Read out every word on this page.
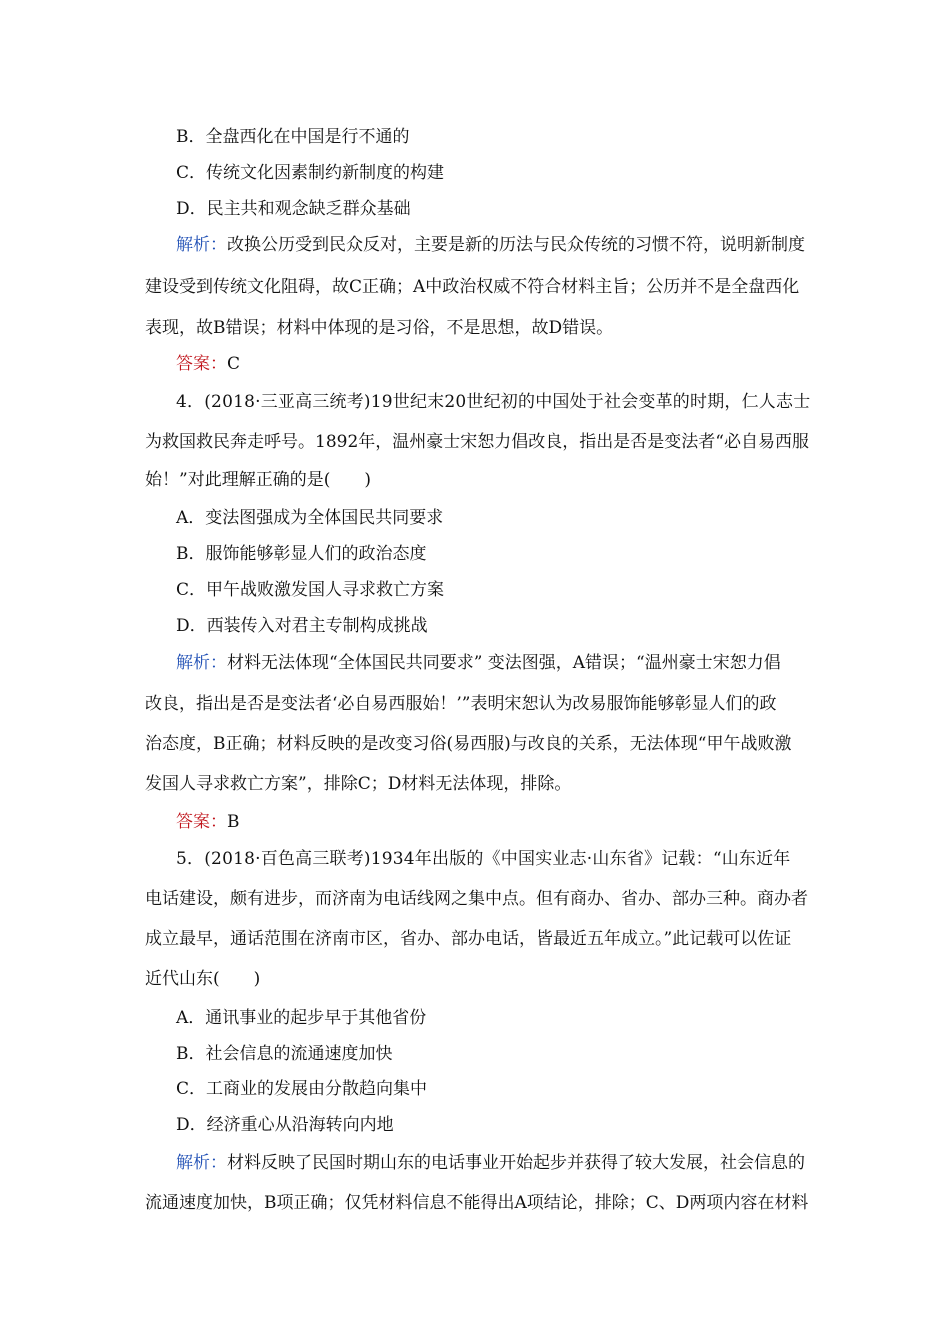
B．全盘西化在中国是行不通的
C．传统文化因素制约新制度的构建
D．民主共和观念缺乏群众基础
解析：改换公历受到民众反对，主要是新的历法与民众传统的习惯不符，说明新制度
建设受到传统文化阻碍，故C正确；A中政治权威不符合材料主旨；公历并不是全盘西化
表现，故B错误；材料中体现的是习俗，不是思想，故D错误。
答案：C
4．(2018·三亚高三统考)19世纪末20世纪初的中国处于社会变革的时期，仁人志士
为救国救民奔走呼号。1892年，温州豪士宋恕力倡改良，指出是否是变法者“必自易西服
始！”对此理解正确的是(　　)
A．变法图强成为全体国民共同要求
B．服饰能够彰显人们的政治态度
C．甲午战败激发国人寻求救亡方案
D．西装传入对君主专制构成挑战
解析：材料无法体现“全体国民共同要求” 变法图强，A错误；“温州豪士宋恕力倡
改良，指出是否是变法者‘必自易西服始！’”表明宋恕认为改易服饰能够彰显人们的政
治态度，B正确；材料反映的是改变习俗(易西服)与改良的关系，无法体现“甲午战败激
发国人寻求救亡方案”，排除C；D材料无法体现，排除。
答案：B
5．(2018·百色高三联考)1934年出版的《中国实业志·山东省》记载：“山东近年
电话建设，颇有进步，而济南为电话线网之集中点。但有商办、省办、部办三种。商办者
成立最早，通话范围在济南市区，省办、部办电话，皆最近五年成立。”此记载可以佐证
近代山东(　　)
A．通讯事业的起步早于其他省份
B．社会信息的流通速度加快
C．工商业的发展由分散趋向集中
D．经济重心从沿海转向内地
解析：材料反映了民国时期山东的电话事业开始起步并获得了较大发展，社会信息的
流通速度加快，B项正确；仅凭材料信息不能得出A项结论，排除；C、D两项内容在材料
